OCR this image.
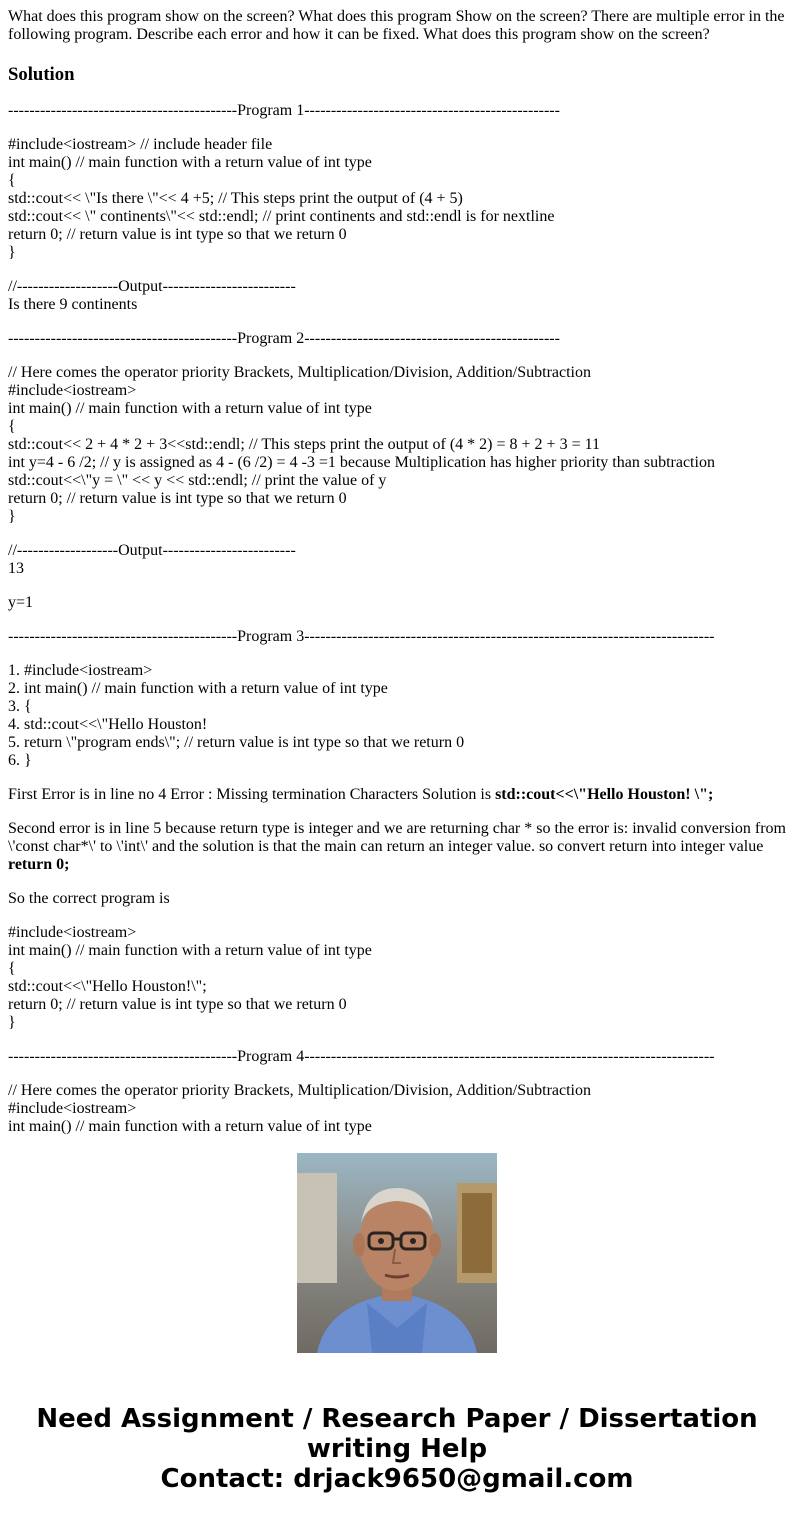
What does this program show on the screen? What does this program Show on the screen? There are multiple error in the following program. Describe each error and how it can be fixed. What does this program show on the screen?

Solution

-------------------------------------------Program 1------------------------------------------------

#include<iostream> // include header file
int main() // main function with a return value of int type
{
std::cout<< \"Is there \"<< 4 +5; // This steps print the output of (4 + 5)
std::cout<< \" continents\"<< std::endl; // print continents and std::endl is for nextline
return 0; // return value is int type so that we return 0
}

//-------------------Output-------------------------
Is there 9 continents

-------------------------------------------Program 2------------------------------------------------

// Here comes the operator priority Brackets, Multiplication/Division, Addition/Subtraction
#include<iostream>
int main() // main function with a return value of int type
{
std::cout<< 2 + 4 * 2 + 3<<std::endl; // This steps print the output of (4 * 2) = 8 + 2 + 3 = 11
int y=4 - 6 /2; // y is assigned as 4 - (6 /2) = 4 -3 =1 because Multiplication has higher priority than subtraction
std::cout<<\"y = \" << y << std::endl; // print the value of y
return 0; // return value is int type so that we return 0
}

//-------------------Output-------------------------
13

y=1

-------------------------------------------Program 3-----------------------------------------------------------------------------

1. #include<iostream>
2. int main() // main function with a return value of int type
3. {
4. std::cout<<\"Hello Houston!
5. return \"program ends\"; // return value is int type so that we return 0
6. }

First Error is in line no 4 Error : Missing termination Characters Solution is std::cout<<\"Hello Houston! \";

Second error is in line 5 because return type is integer and we are returning char * so the error is: invalid conversion from \'const char*\' to \'int\' and the solution is that the main can return an integer value. so convert return into integer value return 0;

So the correct program is

#include<iostream>
int main() // main function with a return value of int type
{
std::cout<<\"Hello Houston!\";
return 0; // return value is int type so that we return 0
}

-------------------------------------------Program 4-----------------------------------------------------------------------------

// Here comes the operator priority Brackets, Multiplication/Division, Addition/Subtraction
#include<iostream>
int main() // main function with a return value of int type

Need Assignment / Research Paper / Dissertation
writing Help
Contact: drjack9650@gmail.com
